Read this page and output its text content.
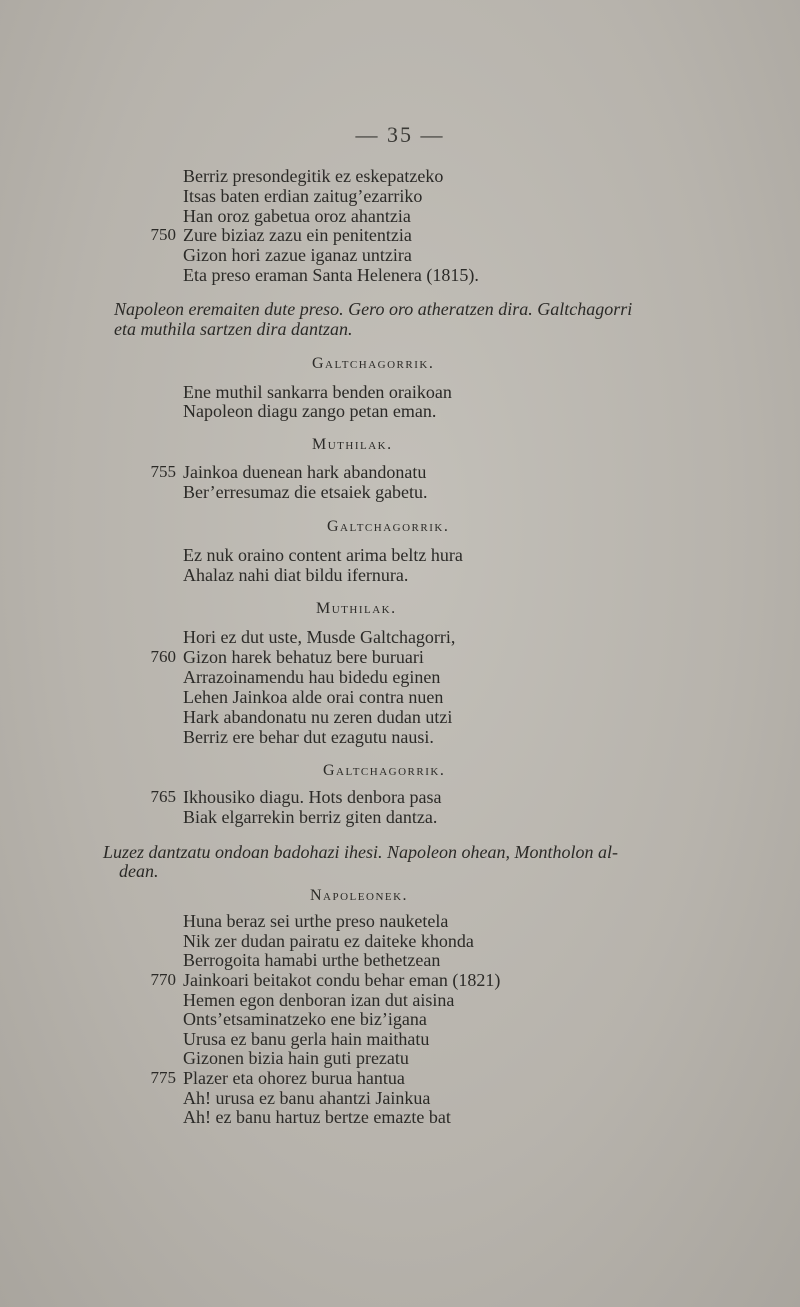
— 35 —
Berriz presondegitik ez eskepatzeko
Itsas baten erdian zaitug’ezarriko
Han oroz gabetua oroz ahantzia
750 Zure biziaz zazu ein penitentzia
Gizon hori zazue iganaz untzira
Eta preso eraman Santa Helenera (1815).
Napoleon eremaiten dute preso. Gero oro atheratzen dira. Galtchagorri
eta muthila sartzen dira dantzan.
Galtchagorrik.
Ene muthil sankarra benden oraikoan
Napoleon diagu zango petan eman.
Muthilak.
755 Jainkoa duenean hark abandonatu
Ber’erresumaz die etsaiek gabetu.
Galtchagorrik.
Ez nuk oraino content arima beltz hura
Ahalaz nahi diat bildu ifernura.
Muthilak.
Hori ez dut uste, Musde Galtchagorri,
760 Gizon harek behatuz bere buruari
Arrazoinamendu hau bidedu eginen
Lehen Jainkoa alde orai contra nuen
Hark abandonatu nu zeren dudan utzi
Berriz ere behar dut ezagutu nausi.
Galtchagorrik.
765 Ikhousiko diagu. Hots denbora pasa
Biak elgarrekin berriz giten dantza.
Luzez dantzatu ondoan badohazi ihesi. Napoleon ohean, Montholon al-
dean.
Napoleonek.
Huna beraz sei urthe preso nauketela
Nik zer dudan pairatu ez daiteke khonda
Berrogoita hamabi urthe bethetzean
770 Jainkoari beitakot condu behar eman (1821)
Hemen egon denboran izan dut aisina
Onts’etsaminatzeko ene biz’igana
Urusa ez banu gerla hain maithatu
Gizonen bizia hain guti prezatu
775 Plazer eta ohorez burua hantua
Ah! urusa ez banu ahantzi Jainkua
Ah! ez banu hartuz bertze emazte bat
